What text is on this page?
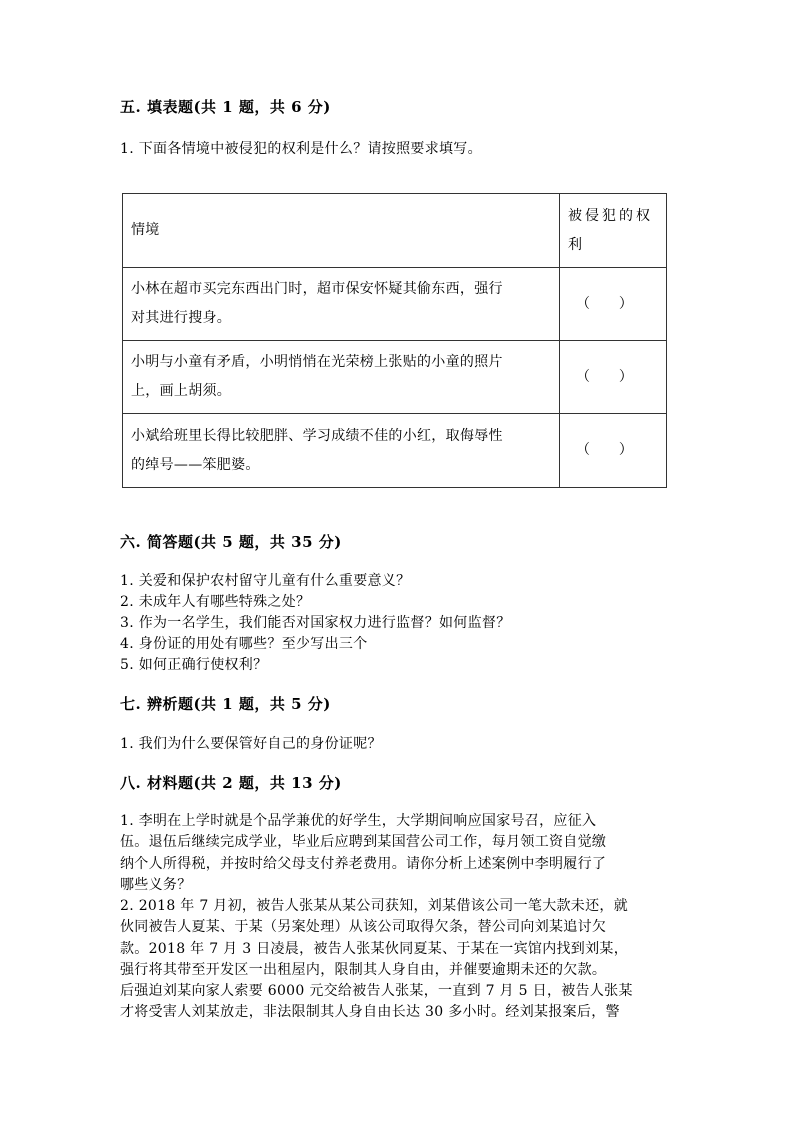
五. 填表题(共 1 题，共 6 分)
1. 下面各情境中被侵犯的权利是什么？请按照要求填写。
情境	被侵犯的权
利

小林在超市买完东西出门时，超市保安怀疑其偷东西，强行
对其进行搜身。	（　　）

小明与小童有矛盾，小明悄悄在光荣榜上张贴的小童的照片
上，画上胡须。	（　　）

小斌给班里长得比较肥胖、学习成绩不佳的小红，取侮辱性
的绰号——笨肥婆。	（　　）
六. 简答题(共 5 题，共 35 分)
1. 关爱和保护农村留守儿童有什么重要意义？
2. 未成年人有哪些特殊之处？
3. 作为一名学生，我们能否对国家权力进行监督？如何监督？
4. 身份证的用处有哪些？至少写出三个
5. 如何正确行使权利？
七. 辨析题(共 1 题，共 5 分)
1. 我们为什么要保管好自己的身份证呢？
八. 材料题(共 2 题，共 13 分)
1. 李明在上学时就是个品学兼优的好学生，大学期间响应国家号召，应征入
伍。退伍后继续完成学业，毕业后应聘到某国营公司工作，每月领工资自觉缴
纳个人所得税，并按时给父母支付养老费用。请你分析上述案例中李明履行了
哪些义务？
2. 2018 年 7 月初，被告人张某从某公司获知，刘某借该公司一笔大款未还，就
伙同被告人夏某、于某（另案处理）从该公司取得欠条，替公司向刘某追讨欠
款。2018 年 7 月 3 日凌晨，被告人张某伙同夏某、于某在一宾馆内找到刘某，
强行将其带至开发区一出租屋内，限制其人身自由，并催要逾期未还的欠款。
后强迫刘某向家人索要 6000 元交给被告人张某，一直到 7 月 5 日，被告人张某
才将受害人刘某放走，非法限制其人身自由长达 30 多小时。经刘某报案后，警
